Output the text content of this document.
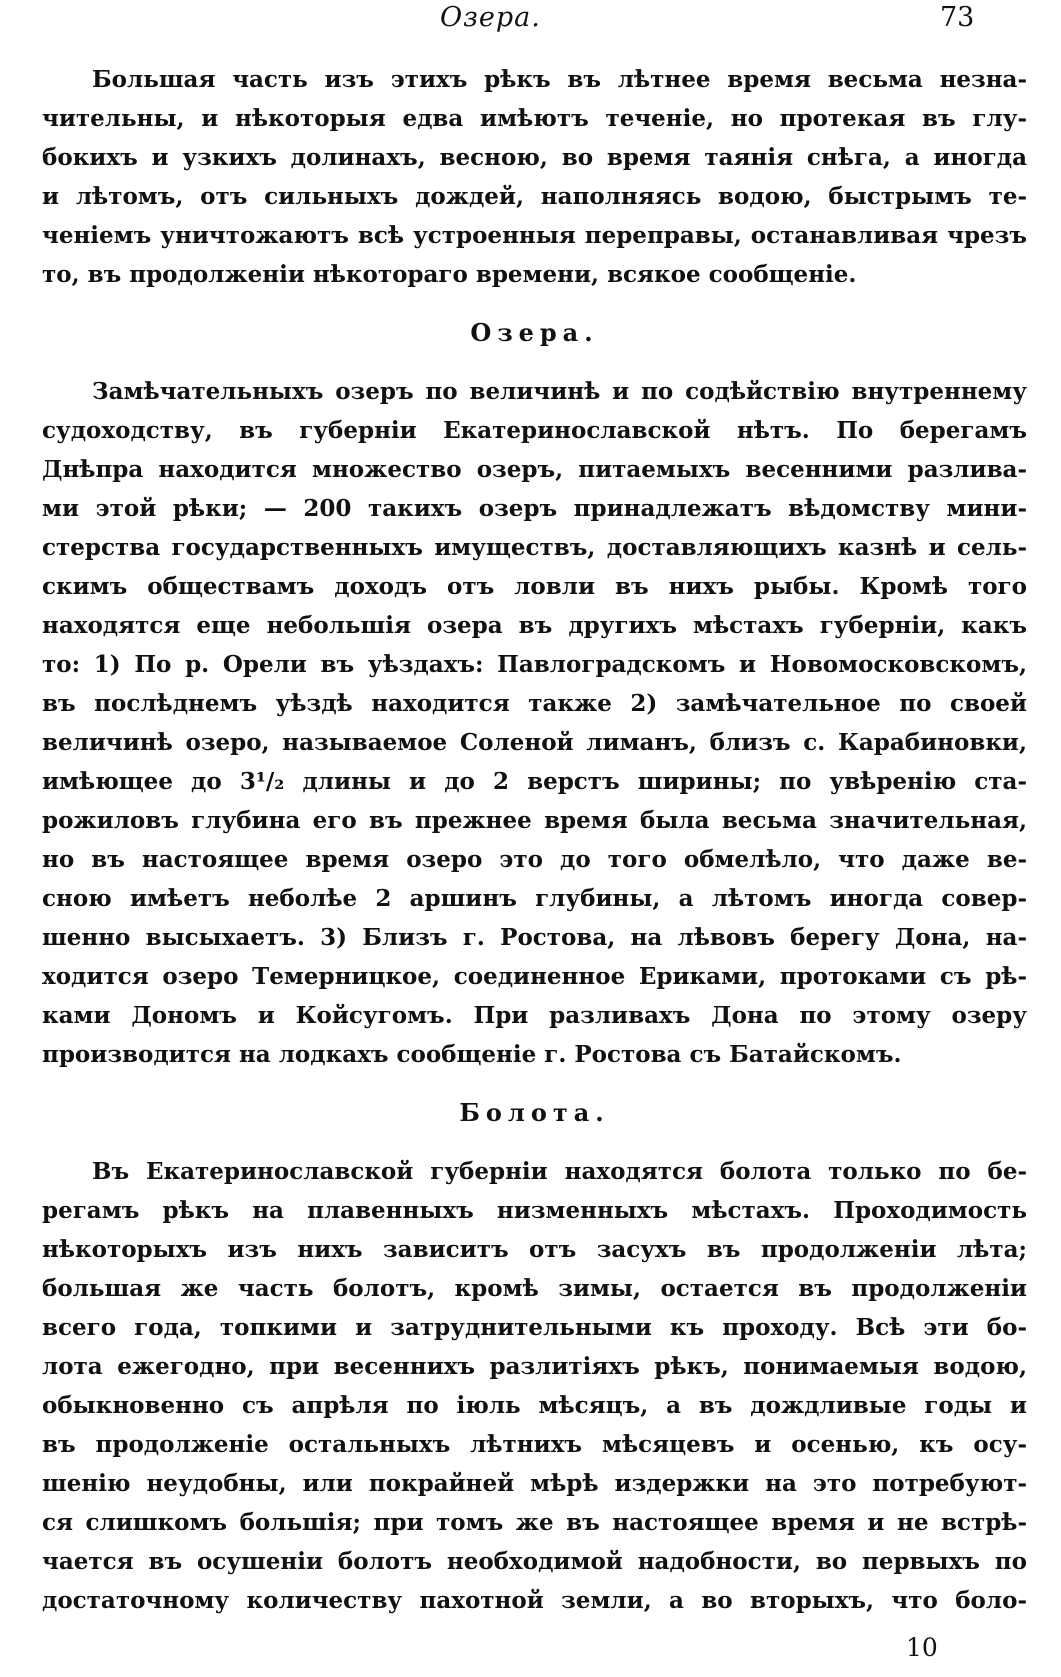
Озера.	73
Большая часть изъ этихъ рѣкъ въ лѣтнее время весьма незна-
чительны, и нѣкоторыя едва имѣютъ теченіе, но протекая въ глу-
бокихъ и узкихъ долинахъ, весною, во время таянія снѣга, а иногда
и лѣтомъ, отъ сильныхъ дождей, наполняясь водою, быстрымъ те-
ченіемъ уничтожаютъ всѣ устроенныя переправы, останавливая чрезъ
то, въ продолженіи нѣкотораго времени, всякое сообщеніе.
Озера.
Замѣчательныхъ озеръ по величинѣ и по содѣйствію внутреннему
судоходству, въ губерніи Екатеринославской нѣтъ. По берегамъ
Днѣпра находится множество озеръ, питаемыхъ весенними разлива-
ми этой рѣки; — 200 такихъ озеръ принадлежатъ вѣдомству мини-
стерства государственныхъ имуществъ, доставляющихъ казнѣ и сель-
скимъ обществамъ доходъ отъ ловли въ нихъ рыбы. Кромѣ того
находятся еще небольшія озера въ другихъ мѣстахъ губерніи, какъ
то: 1) По р. Орели въ уѣздахъ: Павлоградскомъ и Новомосковскомъ,
въ послѣднемъ уѣздѣ находится также 2) замѣчательное по своей
величинѣ озеро, называемое Соленой лиманъ, близъ с. Карабиновки,
имѣющее до 3¹/₂ длины и до 2 верстъ ширины; по увѣренію ста-
рожиловъ глубина его въ прежнее время была весьма значительная,
но въ настоящее время озеро это до того обмелѣло, что даже ве-
сною имѣетъ неболѣе 2 аршинъ глубины, а лѣтомъ иногда совер-
шенно высыхаетъ. 3) Близъ г. Ростова, на лѣвовъ берегу Дона, на-
ходится озеро Темерницкое, соединенное Ериками, протоками съ рѣ-
ками Дономъ и Койсугомъ. При разливахъ Дона по этому озеру
производится на лодкахъ сообщеніе г. Ростова съ Батайскомъ.
Болота.
Въ Екатеринославской губерніи находятся болота только по бе-
регамъ рѣкъ на плавенныхъ низменныхъ мѣстахъ. Проходимость
нѣкоторыхъ изъ нихъ зависитъ отъ засухъ въ продолженіи лѣта;
большая же часть болотъ, кромѣ зимы, остается въ продолженіи
всего года, топкими и затруднительными къ проходу. Всѣ эти бо-
лота ежегодно, при весеннихъ разлитіяхъ рѣкъ, понимаемыя водою,
обыкновенно съ апрѣля по іюль мѣсяцъ, а въ дождливые годы и
въ продолженіе остальныхъ лѣтнихъ мѣсяцевъ и осенью, къ осу-
шенію неудобны, или покрайней мѣрѣ издержки на это потребуют-
ся слишкомъ большія; при томъ же въ настоящее время и не встрѣ-
чается въ осушеніи болотъ необходимой надобности, во первыхъ по
достаточному количеству пахотной земли, а во вторыхъ, что боло-
10
